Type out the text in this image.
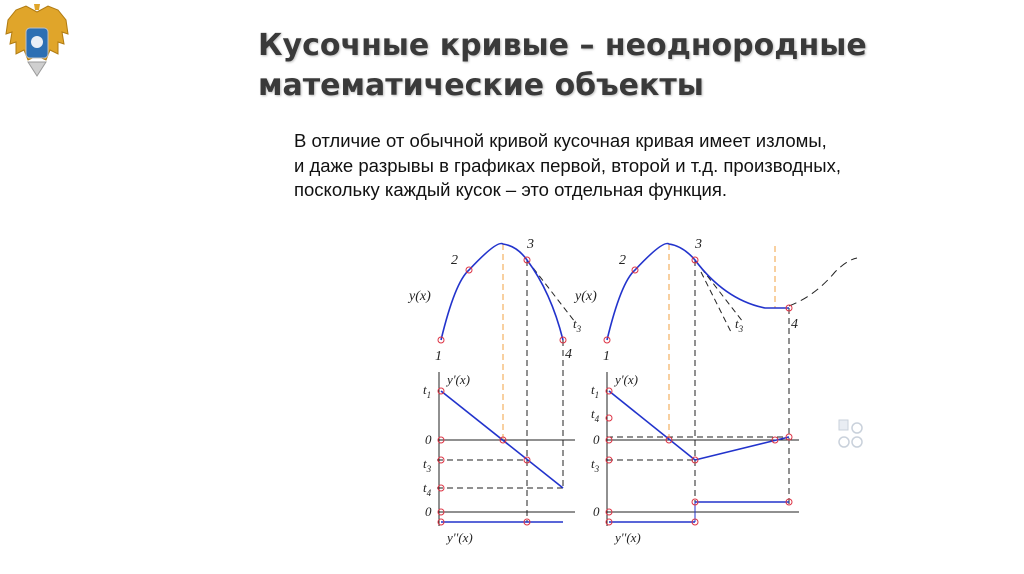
Кусочные кривые – неоднородные
математические объекты
В отличие от обычной кривой кусочная кривая имеет изломы,
и даже разрывы в графиках первой, второй и т.д. производных,
поскольку каждый кусок – это отдельная функция.
1
2
3
4
y(x)
$t_3$
y'(x)
y''(x)
$t_1$
0
$t_3$
$t_4$
0
2
3
4
1
y(x)
$t_3$
y'(x)
y''(x)
$t_1$
$t_4$
0
$t_3$
0
